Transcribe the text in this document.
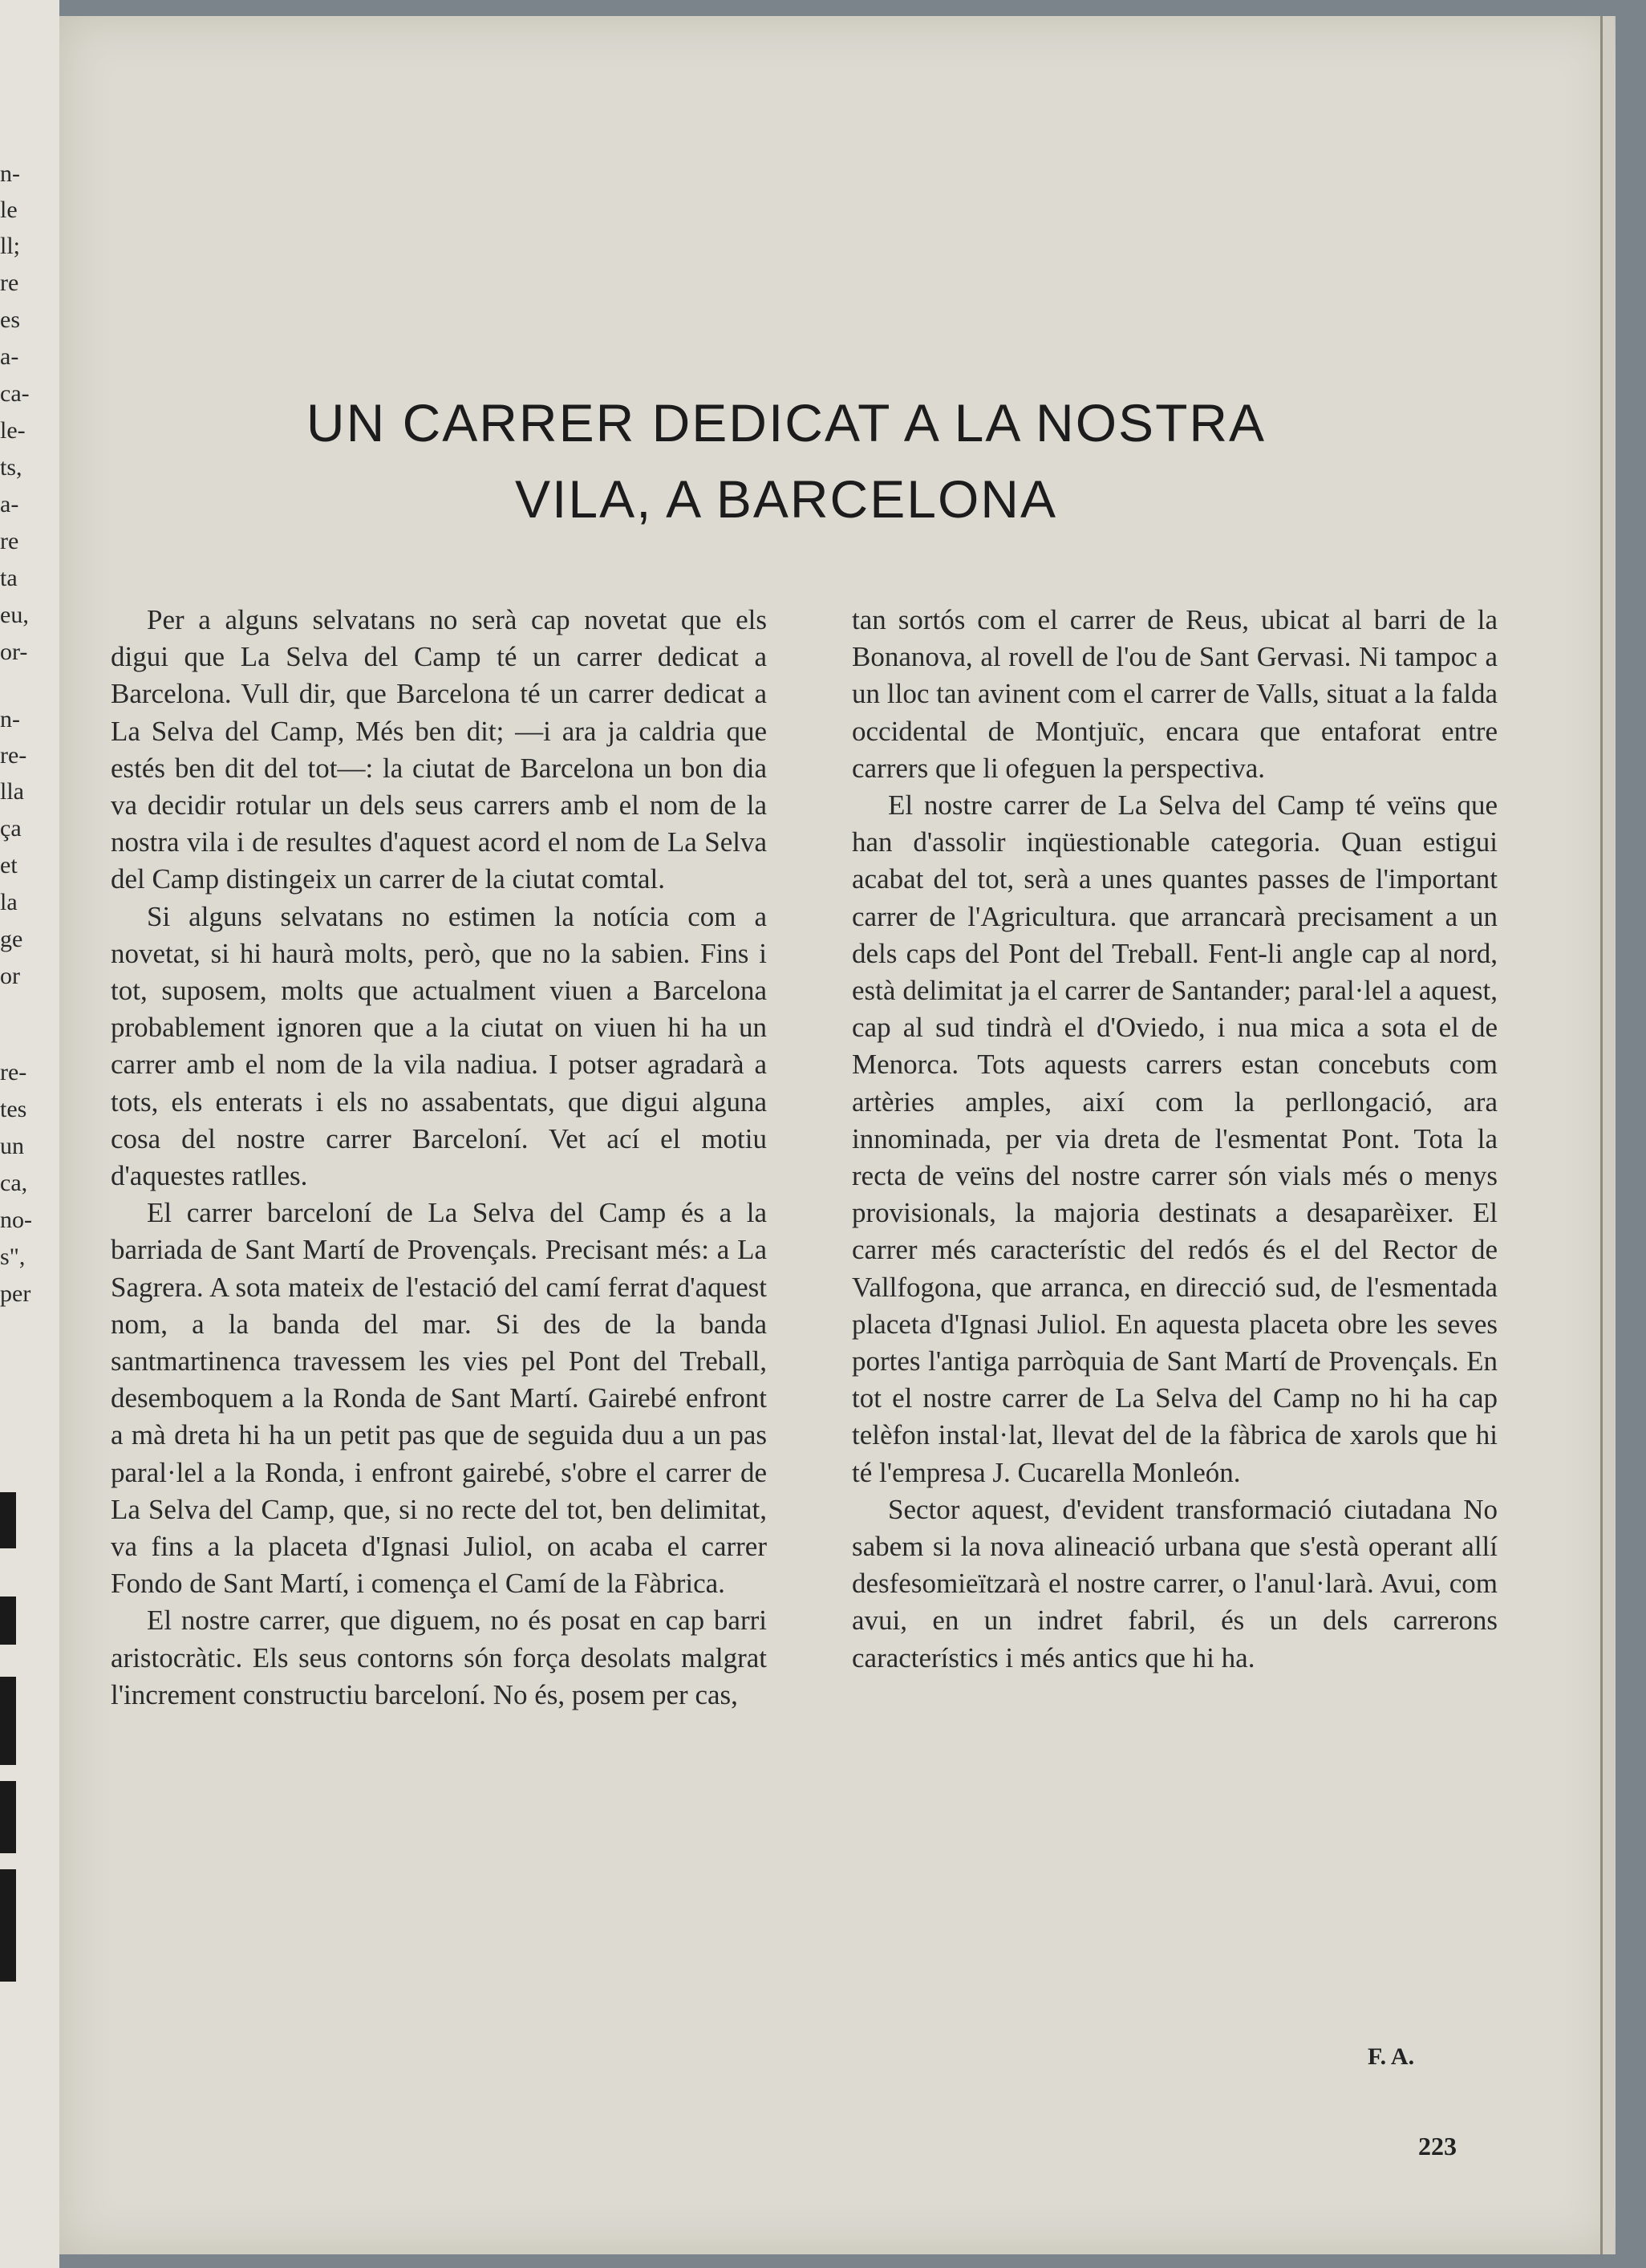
n-
le
ll;
re
es
a-
ca-
le-
ts,
a-
re
ta
eu,
or-
n-
re-
lla
ça
et
la
ge
or
re-
tes
un
ca,
no-
s",
per
UN CARRER DEDICAT A LA NOSTRA
VILA, A BARCELONA

Per a alguns selvatans no serà cap novetat que els digui que La Selva del Camp té un carrer dedicat a Barcelona. Vull dir, que Barcelona té un carrer dedicat a La Selva del Camp, Més ben dit; —i ara ja caldria que estés ben dit del tot—: la ciutat de Barcelona un bon dia va decidir rotular un dels seus carrers amb el nom de la nostra vila i de resultes d'aquest acord el nom de La Selva del Camp distingeix un carrer de la ciutat comtal.

Si alguns selvatans no estimen la notícia com a novetat, si hi haurà molts, però, que no la sabien. Fins i tot, suposem, molts que actualment viuen a Barcelona probablement ignoren que a la ciutat on viuen hi ha un carrer amb el nom de la vila nadiua. I potser agradarà a tots, els enterats i els no assabentats, que digui alguna cosa del nostre carrer Barceloní. Vet ací el motiu d'aquestes ratlles.

El carrer barceloní de La Selva del Camp és a la barriada de Sant Martí de Provençals. Precisant més: a La Sagrera. A sota mateix de l'estació del camí ferrat d'aquest nom, a la banda del mar. Si des de la banda santmartinenca travessem les vies pel Pont del Treball, desemboquem a la Ronda de Sant Martí. Gairebé enfront a mà dreta hi ha un petit pas que de seguida duu a un pas paral·lel a la Ronda, i enfront gairebé, s'obre el carrer de La Selva del Camp, que, si no recte del tot, ben delimitat, va fins a la placeta d'Ignasi Juliol, on acaba el carrer Fondo de Sant Martí, i comença el Camí de la Fàbrica.

El nostre carrer, que diguem, no és posat en cap barri aristocràtic. Els seus contorns són força desolats malgrat l'increment constructiu barceloní. No és, posem per cas,

tan sortós com el carrer de Reus, ubicat al barri de la Bonanova, al rovell de l'ou de Sant Gervasi. Ni tampoc a un lloc tan avinent com el carrer de Valls, situat a la falda occidental de Montjuïc, encara que entaforat entre carrers que li ofeguen la perspectiva.

El nostre carrer de La Selva del Camp té veïns que han d'assolir inqüestionable categoria. Quan estigui acabat del tot, serà a unes quantes passes de l'important carrer de l'Agricultura. que arrancarà precisament a un dels caps del Pont del Treball. Fent-li angle cap al nord, està delimitat ja el carrer de Santander; paral·lel a aquest, cap al sud tindrà el d'Oviedo, i nua mica a sota el de Menorca. Tots aquests carrers estan concebuts com artèries amples, així com la perllongació, ara innominada, per via dreta de l'esmentat Pont. Tota la recta de veïns del nostre carrer són vials més o menys provisionals, la majoria destinats a desaparèixer. El carrer més característic del redós és el del Rector de Vallfogona, que arranca, en direcció sud, de l'esmentada placeta d'Ignasi Juliol. En aquesta placeta obre les seves portes l'antiga parròquia de Sant Martí de Provençals. En tot el nostre carrer de La Selva del Camp no hi ha cap telèfon instal·lat, llevat del de la fàbrica de xarols que hi té l'empresa J. Cucarella Monleón.

Sector aquest, d'evident transformació ciutadana No sabem si la nova alineació urbana que s'està operant allí desfesomieïtzarà el nostre carrer, o l'anul·larà. Avui, com avui, en un indret fabril, és un dels carrerons característics i més antics que hi ha.

F. A.
223
